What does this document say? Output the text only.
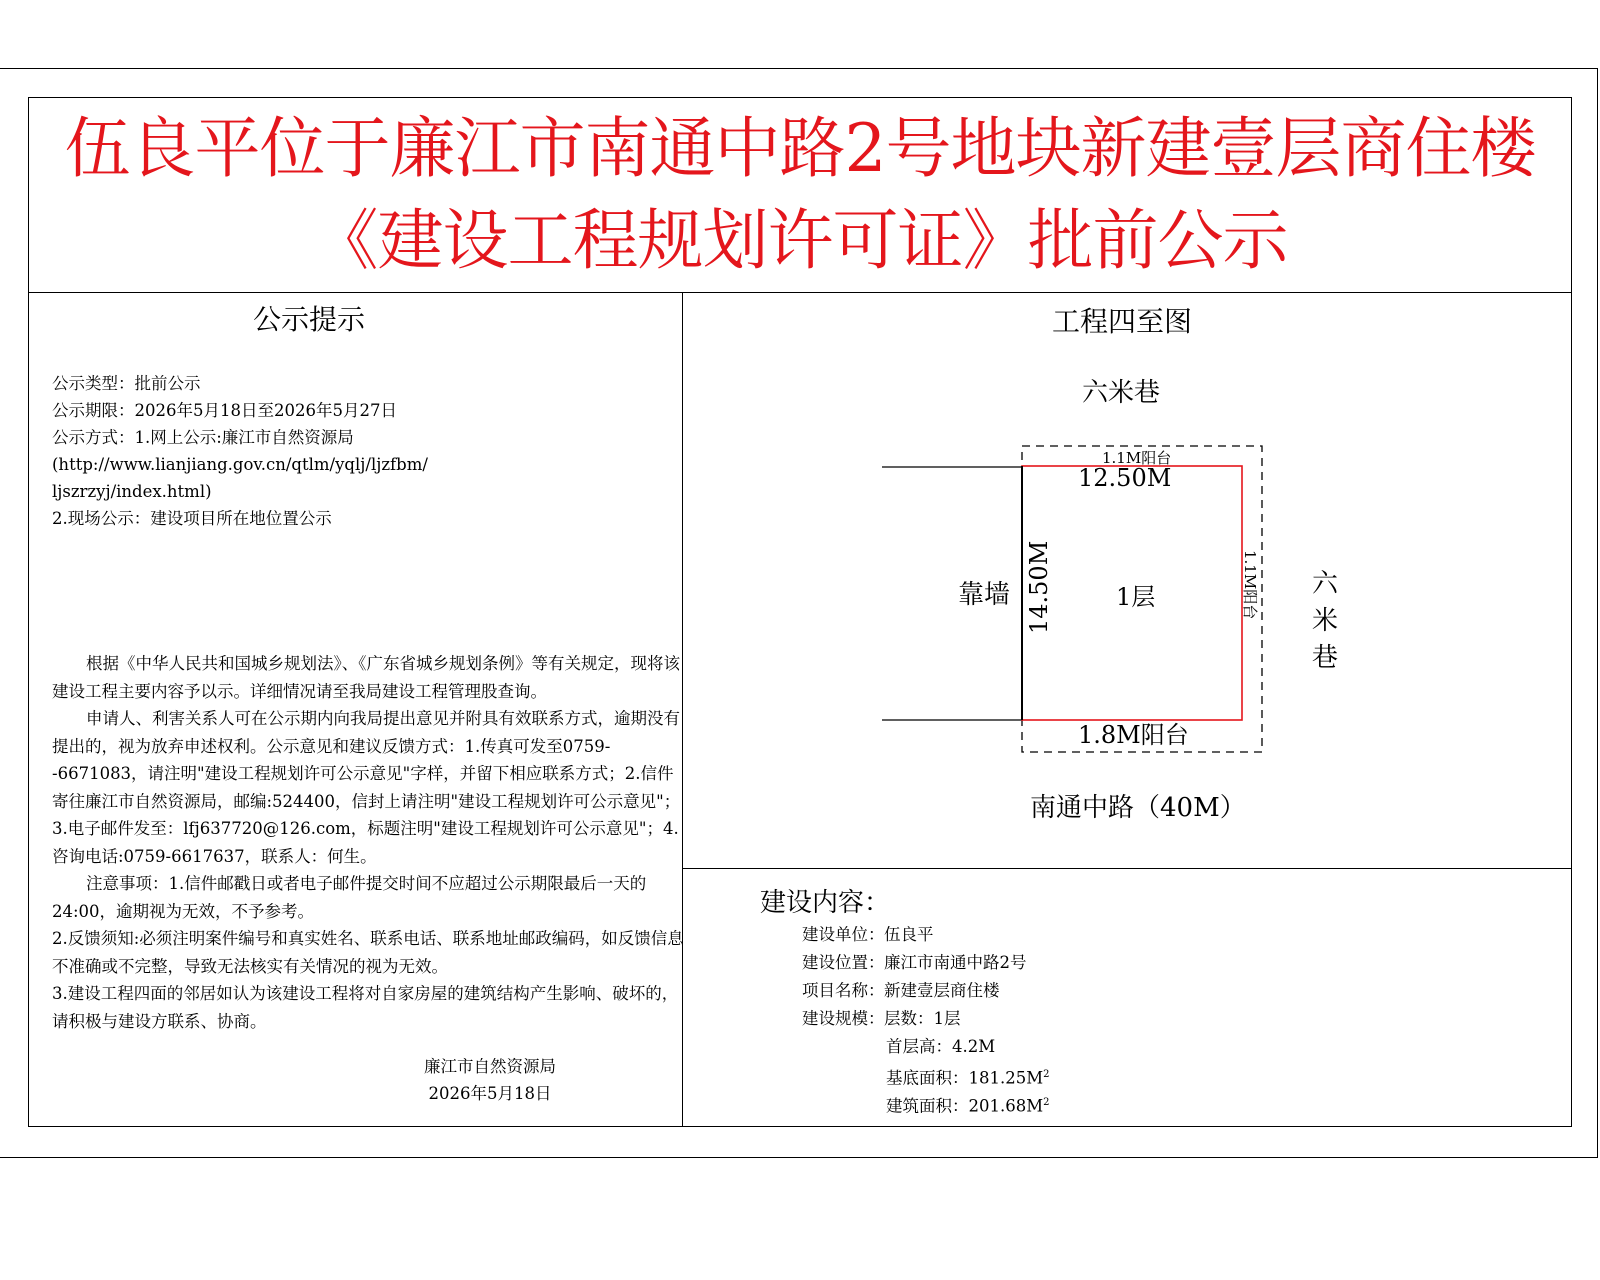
伍良平位于廉江市南通中路2号地块新建壹层商住楼
《建设工程规划许可证》批前公示
公示提示
公示类型：批前公示
公示期限：2026年5月18日至2026年5月27日
公示方式：1.网上公示:廉江市自然资源局
(http://www.lianjiang.gov.cn/qtlm/yqlj/ljzfbm/
ljszrzyj/index.html)
2.现场公示：建设项目所在地位置公示

根据《中华人民共和国城乡规划法》、《广东省城乡规划条例》等有关规定，现将该建设工程主要内容予以示。详细情况请至我局建设工程管理股查询。

申请人、利害关系人可在公示期内向我局提出意见并附具有效联系方式，逾期没有提出的，视为放弃申述权利。公示意见和建议反馈方式：1.传真可发至0759--6671083，请注明"建设工程规划许可公示意见"字样，并留下相应联系方式；2.信件寄往廉江市自然资源局，邮编:524400，信封上请注明"建设工程规划许可公示意见"；3.电子邮件发至：lfj637720@126.com，标题注明"建设工程规划许可公示意见"；4.咨询电话:0759-6617637，联系人：何生。

注意事项：1.信件邮戳日或者电子邮件提交时间不应超过公示期限最后一天的24:00，逾期视为无效，不予参考。

2.反馈须知:必须注明案件编号和真实姓名、联系电话、联系地址邮政编码，如反馈信息不准确或不完整，导致无法核实有关情况的视为无效。

3.建设工程四面的邻居如认为该建设工程将对自家房屋的建筑结构产生影响、破坏的，请积极与建设方联系、协商。

廉江市自然资源局
2026年5月18日
工程四至图
六米巷
靠墙
南通中路（40M）
六米巷
1.1M阳台
12.50M
1层
1.8M阳台
14.50M	1.1M阳台
建设内容：
建设单位：伍良平
建设位置：廉江市南通中路2号
项目名称：新建壹层商住楼
建设规模：层数：1层
首层高：4.2M
基底面积：$181.25M^2$
建筑面积：$201.68M^2$
